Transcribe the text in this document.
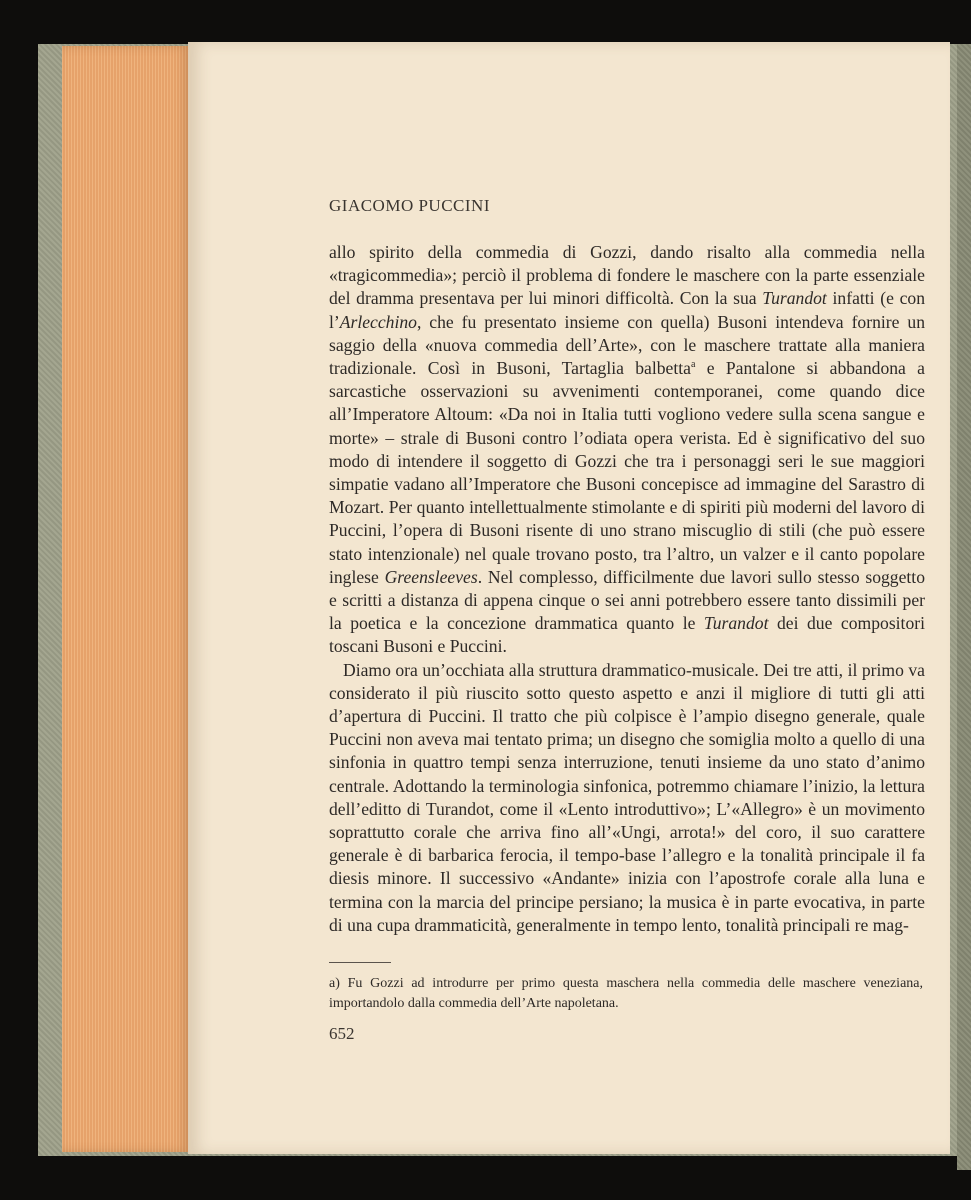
GIACOMO PUCCINI

allo spirito della commedia di Gozzi, dando risalto alla commedia nella «tragicommedia»; perciò il problema di fondere le maschere con la parte essenziale del dramma presentava per lui minori difficoltà. Con la sua Turandot infatti (e con l’Arlecchino, che fu presentato insieme con quella) Busoni intendeva fornire un saggio della «nuova commedia dell’Arte», con le maschere trattate alla maniera tradizionale. Così in Busoni, Tartaglia balbetta$^a$ e Pantalone si abbandona a sarcastiche osservazioni su avvenimenti contemporanei, come quando dice all’Imperatore Altoum: «Da noi in Italia tutti vogliono vedere sulla scena sangue e morte» – strale di Busoni contro l’odiata opera verista. Ed è significativo del suo modo di intendere il soggetto di Gozzi che tra i personaggi seri le sue maggiori simpatie vadano all’Imperatore che Busoni concepisce ad immagine del Sarastro di Mozart. Per quanto intellettualmente stimolante e di spiriti più moderni del lavoro di Puccini, l’opera di Busoni risente di uno strano miscuglio di stili (che può essere stato intenzionale) nel quale trovano posto, tra l’altro, un valzer e il canto popolare inglese Greensleeves. Nel complesso, difficilmente due lavori sullo stesso soggetto e scritti a distanza di appena cinque o sei anni potrebbero essere tanto dissimili per la poetica e la concezione drammatica quanto le Turandot dei due compositori toscani Busoni e Puccini.

Diamo ora un’occhiata alla struttura drammatico-musicale. Dei tre atti, il primo va considerato il più riuscito sotto questo aspetto e anzi il migliore di tutti gli atti d’apertura di Puccini. Il tratto che più colpisce è l’ampio disegno generale, quale Puccini non aveva mai tentato prima; un disegno che somiglia molto a quello di una sinfonia in quattro tempi senza interruzione, tenuti insieme da uno stato d’animo centrale. Adottando la terminologia sinfonica, potremmo chiamare l’inizio, la lettura dell’editto di Turandot, come il «Lento introduttivo»; L’«Allegro» è un movimento soprattutto corale che arriva fino all’«Ungi, arrota!» del coro, il suo carattere generale è di barbarica ferocia, il tempo-base l’allegro e la tonalità principale il fa diesis minore. Il successivo «Andante» inizia con l’apostrofe corale alla luna e termina con la marcia del principe persiano; la musica è in parte evocativa, in parte di una cupa drammaticità, generalmente in tempo lento, tonalità principali re mag-

a) Fu Gozzi ad introdurre per primo questa maschera nella commedia delle maschere veneziana, importandolo dalla commedia dell’Arte napoletana.
652
